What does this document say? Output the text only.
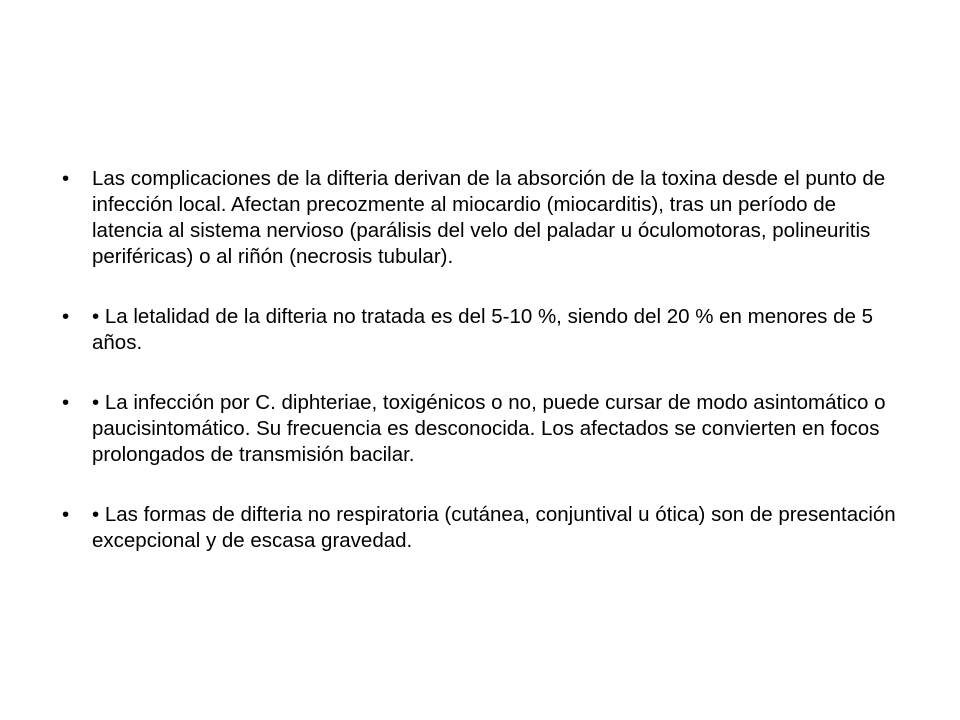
•	Las complicaciones de la difteria derivan de la absorción de la toxina desde el punto de infección local. Afectan precozmente al miocardio (miocarditis), tras un período de latencia al sistema nervioso (parálisis del velo del paladar u óculomotoras, polineuritis periféricas) o al riñón (necrosis tubular).
•	• La letalidad de la difteria no tratada es del 5-10 %, siendo del 20 % en menores de 5 años.
•	• La infección por C. diphteriae, toxigénicos o no, puede cursar de modo asintomático o paucisintomático. Su frecuencia es desconocida. Los afectados se convierten en focos prolongados de transmisión bacilar.
•	• Las formas de difteria no respiratoria (cutánea, conjuntival u ótica) son de presentación excepcional y de escasa gravedad.
